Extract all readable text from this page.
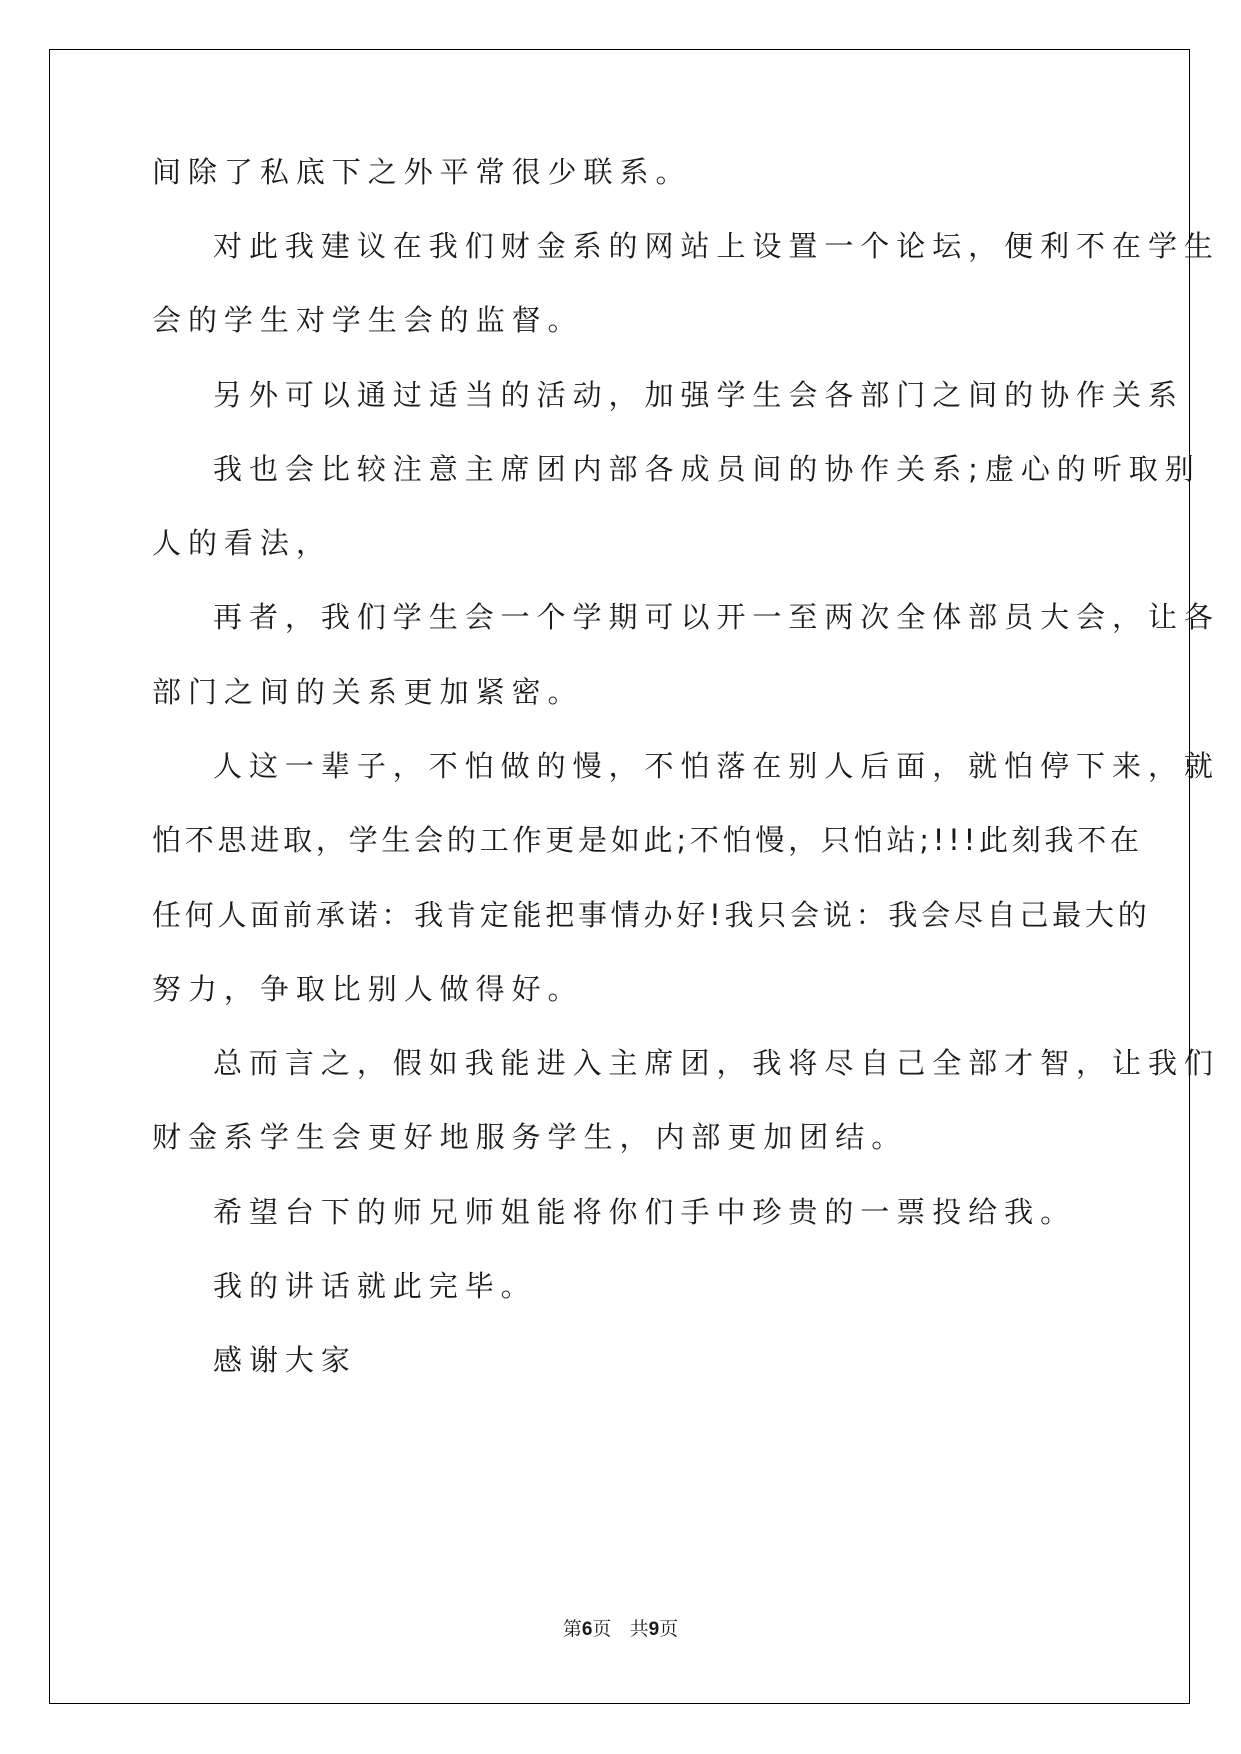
间除了私底下之外平常很少联系。
对此我建议在我们财金系的网站上设置一个论坛，便利不在学生
会的学生对学生会的监督。
另外可以通过适当的活动，加强学生会各部门之间的协作关系
我也会比较注意主席团内部各成员间的协作关系;虚心的听取别
人的看法，
再者，我们学生会一个学期可以开一至两次全体部员大会，让各
部门之间的关系更加紧密。
人这一辈子，不怕做的慢，不怕落在别人后面，就怕停下来，就
怕不思进取，学生会的工作更是如此;不怕慢，只怕站;!!!此刻我不在
任何人面前承诺：我肯定能把事情办好!我只会说：我会尽自己最大的
努力，争取比别人做得好。
总而言之，假如我能进入主席团，我将尽自己全部才智，让我们
财金系学生会更好地服务学生，内部更加团结。
希望台下的师兄师姐能将你们手中珍贵的一票投给我。
我的讲话就此完毕。
感谢大家
第6页 共9页
